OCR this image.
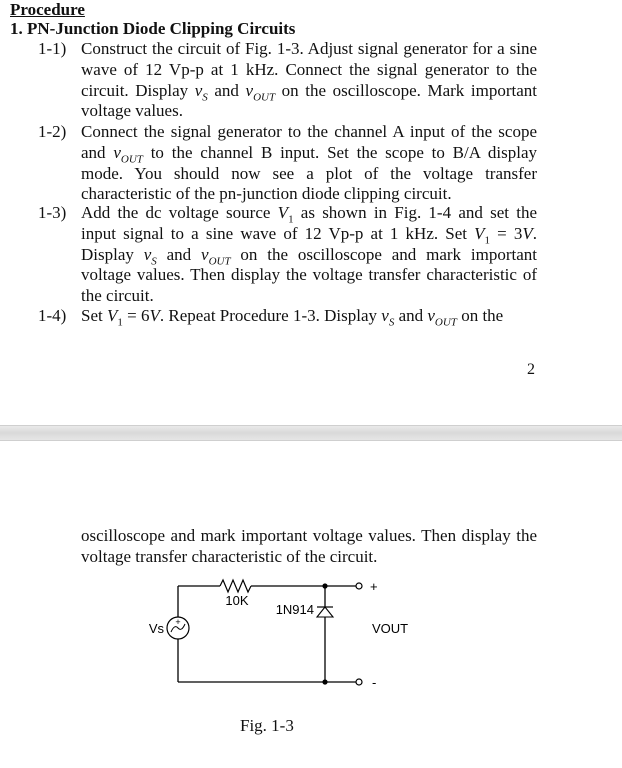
Procedure
1. PN-Junction Diode Clipping Circuits
1-1) Construct the circuit of Fig. 1-3. Adjust signal generator for a sine wave of 12 Vp-p at 1 kHz. Connect the signal generator to the circuit. Display $v_S$ and $v_{OUT}$ on the oscilloscope. Mark important voltage values.
1-2) Connect the signal generator to the channel A input of the scope and $v_{OUT}$ to the channel B input. Set the scope to B/A display mode. You should now see a plot of the voltage transfer characteristic of the pn-junction diode clipping circuit.
1-3) Add the dc voltage source $V_1$ as shown in Fig. 1-4 and set the input signal to a sine wave of 12 Vp-p at 1 kHz. Set $V_1 = 3V$. Display $v_S$ and $v_{OUT}$ on the oscilloscope and mark important voltage values. Then display the voltage transfer characteristic of the circuit.
1-4) Set $V_1 = 6V$. Repeat Procedure 1-3. Display $v_S$ and $v_{OUT}$ on the
2
oscilloscope and mark important voltage values. Then display the voltage transfer characteristic of the circuit.
10K
1N914
Vs +	VOUT
+
-
Fig. 1-3
